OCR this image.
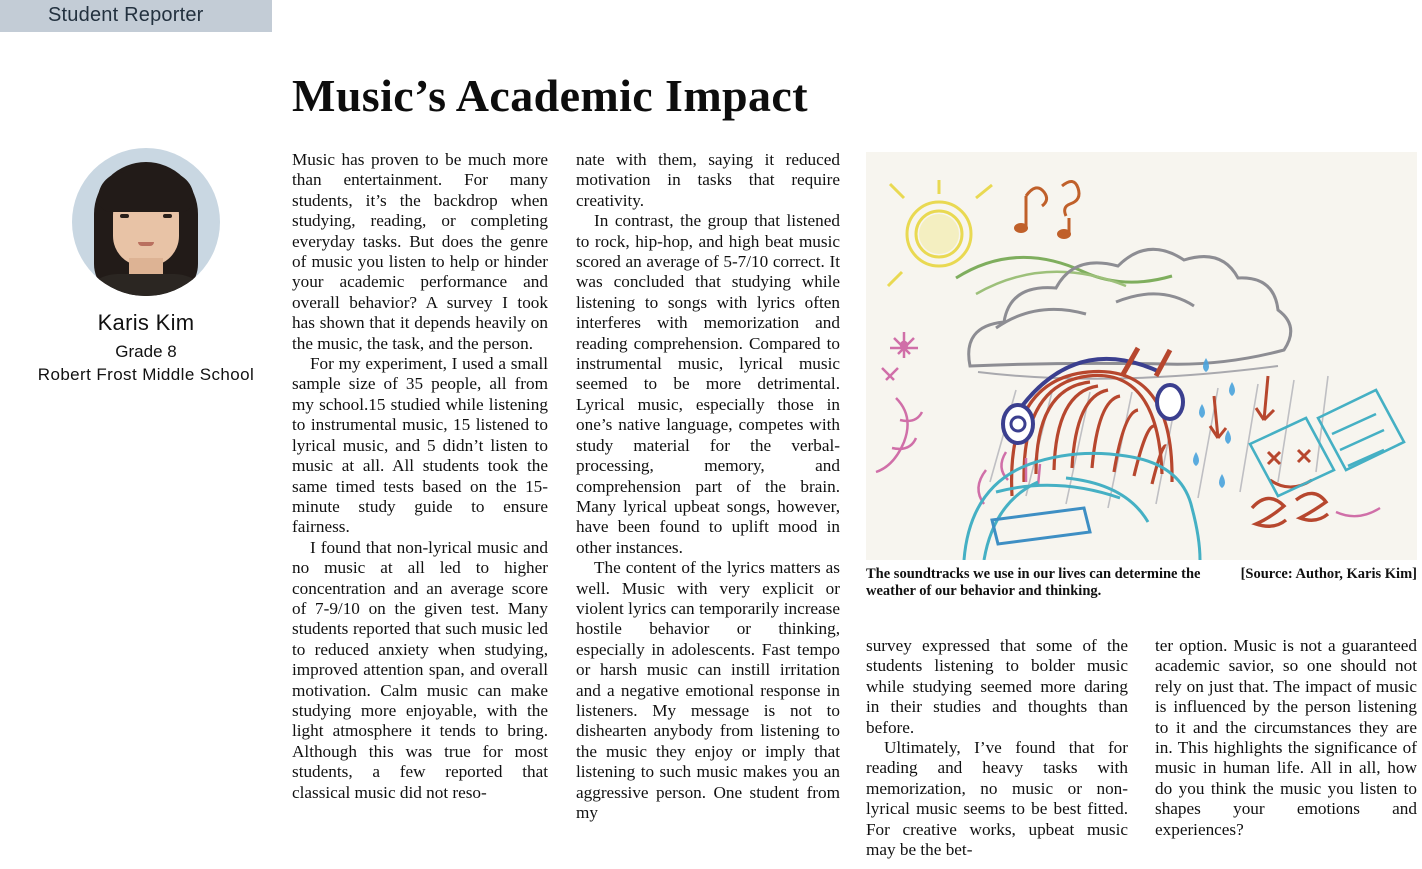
Student Reporter
Music’s Academic Impact
Karis Kim
Grade 8
Robert Frost Middle School

Music has proven to be much more than entertainment. For many students, it’s the backdrop when studying, reading, or completing everyday tasks. But does the genre of music you listen to help or hinder your academic performance and overall behavior? A survey I took has shown that it depends heavily on the music, the task, and the person.

For my experiment, I used a small sample size of 35 people, all from my school.15 studied while listening to instrumental music, 15 listened to lyrical music, and 5 didn’t listen to music at all. All students took the same timed tests based on the 15-minute study guide to ensure fairness.

I found that non-lyrical music and no music at all led to higher concentration and an average score of 7-9/10 on the given test. Many students reported that such music led to reduced anxiety when studying, improved attention span, and overall motivation. Calm music can make studying more enjoyable, with the light atmosphere it tends to bring. Although this was true for most students, a few reported that classical music did not reso-

nate with them, saying it reduced motivation in tasks that require creativity.

In contrast, the group that listened to rock, hip-hop, and high beat music scored an average of 5-7/10 correct. It was concluded that studying while listening to songs with lyrics often interferes with memorization and reading comprehension. Compared to instrumental music, lyrical music seemed to be more detrimental. Lyrical music, especially those in one’s native language, competes with study material for the verbal-processing, memory, and comprehension part of the brain. Many lyrical upbeat songs, however, have been found to uplift mood in other instances.

The content of the lyrics matters as well. Music with very explicit or violent lyrics can temporarily increase hostile behavior or thinking, especially in adolescents. Fast tempo or harsh music can instill irritation and a negative emotional response in listeners. My message is not to dishearten anybody from listening to the music they enjoy or imply that listening to such music makes you an aggressive person. One student from my

[Source: Author, Karis Kim]
The soundtracks we use in our lives can determine the weather of our behavior and thinking.

survey expressed that some of the students listening to bolder music while studying seemed more daring in their studies and thoughts than before.

Ultimately, I’ve found that for reading and heavy tasks with memorization, no music or non-lyrical music seems to be best fitted. For creative works, upbeat music may be the bet-

ter option. Music is not a guaranteed academic savior, so one should not rely on just that. The impact of music is influenced by the person listening to it and the circumstances they are in. This highlights the significance of music in human life. All in all, how do you think the music you listen to shapes your emotions and experiences?
